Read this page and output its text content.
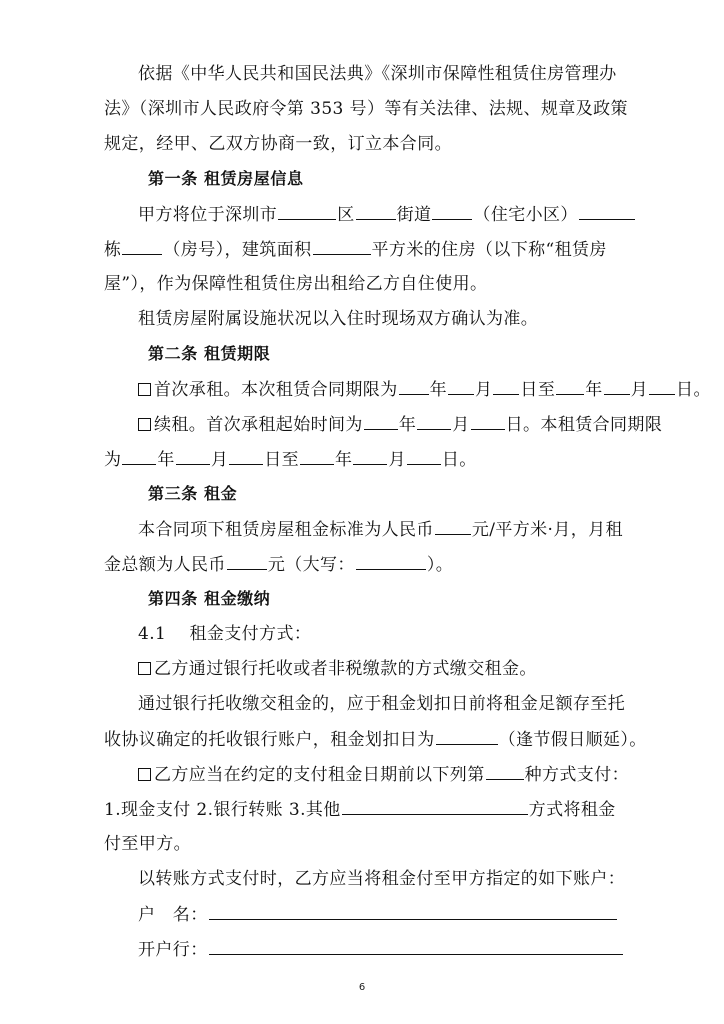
依据《中华人民共和国民法典》《深圳市保障性租赁住房管理办
法》（深圳市人民政府令第 353 号）等有关法律、法规、规章及政策
规定，经甲、乙双方协商一致，订立本合同。
第一条 租赁房屋信息
甲方将位于深圳市	区 街道 （住宅小区）
栋 （房号），建筑面积	平方米的住房（以下称“租赁房
屋”），作为保障性租赁住房出租给乙方自住使用。
租赁房屋附属设施状况以入住时现场双方确认为准。
第二条 租赁期限
首次承租。本次租赁合同期限为 年 月 日至 年 月 日。
续租。首次承租起始时间为 年 月 日。本租赁合同期限
为 年 月 日至 年 月 日。
第三条 租金
本合同项下租赁房屋租金标准为人民币 元/平方米·月，月租
金总额为人民币 元（大写：	）。
第四条 租金缴纳
4.1　 租金支付方式：
乙方通过银行托收或者非税缴款的方式缴交租金。
通过银行托收缴交租金的，应于租金划扣日前将租金足额存至托
收协议确定的托收银行账户，租金划扣日为	（逢节假日顺延）。
乙方应当在约定的支付租金日期前以下列第 种方式支付：
1.现金支付 2.银行转账 3.其他	方式将租金
付至甲方。
以转账方式支付时，乙方应当将租金付至甲方指定的如下账户：
户　名：
开户行：
6
